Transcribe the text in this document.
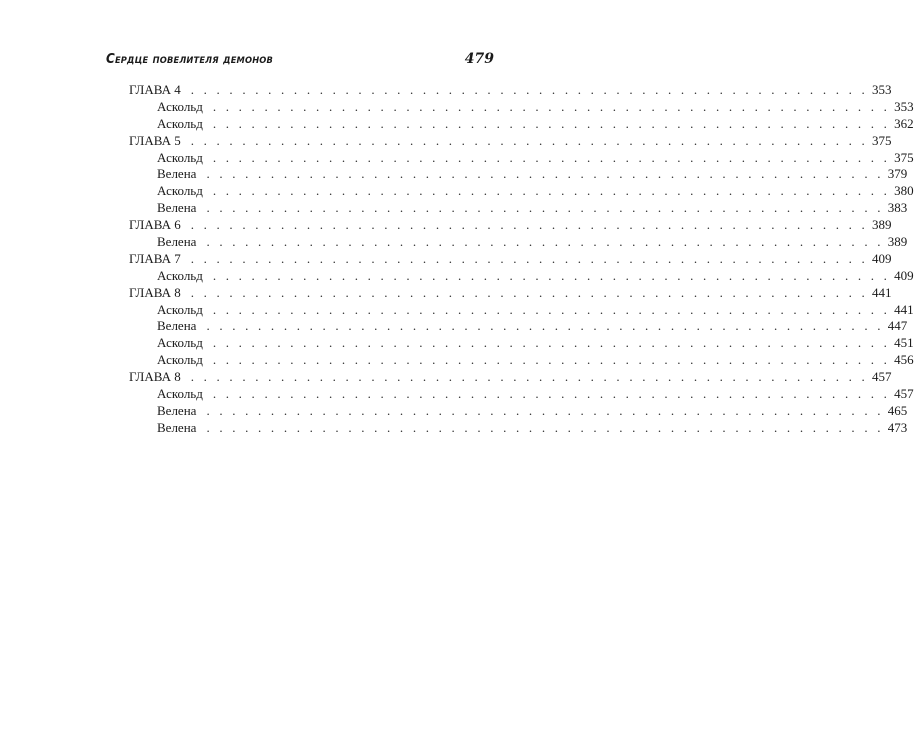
Сердце повелителя демонов	479
ГЛАВА 4 . . . . . . . . . . . . . . . . . . . . . . . . . . . . . . . . . . . . . . . . . . . . . . . . . . . . . 353
Аскольд . . . . . . . . . . . . . . . . . . . . . . . . . . . . . . . . . . . . . . . . . . . . . . . . . . . . . 353
Аскольд . . . . . . . . . . . . . . . . . . . . . . . . . . . . . . . . . . . . . . . . . . . . . . . . . . . . . 362
ГЛАВА 5 . . . . . . . . . . . . . . . . . . . . . . . . . . . . . . . . . . . . . . . . . . . . . . . . . . . . . 375
Аскольд . . . . . . . . . . . . . . . . . . . . . . . . . . . . . . . . . . . . . . . . . . . . . . . . . . . . . 375
Велена . . . . . . . . . . . . . . . . . . . . . . . . . . . . . . . . . . . . . . . . . . . . . . . . . . . . . 379
Аскольд . . . . . . . . . . . . . . . . . . . . . . . . . . . . . . . . . . . . . . . . . . . . . . . . . . . . . 380
Велена . . . . . . . . . . . . . . . . . . . . . . . . . . . . . . . . . . . . . . . . . . . . . . . . . . . . . 383
ГЛАВА 6 . . . . . . . . . . . . . . . . . . . . . . . . . . . . . . . . . . . . . . . . . . . . . . . . . . . . . 389
Велена . . . . . . . . . . . . . . . . . . . . . . . . . . . . . . . . . . . . . . . . . . . . . . . . . . . . . 389
ГЛАВА 7 . . . . . . . . . . . . . . . . . . . . . . . . . . . . . . . . . . . . . . . . . . . . . . . . . . . . . 409
Аскольд . . . . . . . . . . . . . . . . . . . . . . . . . . . . . . . . . . . . . . . . . . . . . . . . . . . . . 409
ГЛАВА 8 . . . . . . . . . . . . . . . . . . . . . . . . . . . . . . . . . . . . . . . . . . . . . . . . . . . . . 441
Аскольд . . . . . . . . . . . . . . . . . . . . . . . . . . . . . . . . . . . . . . . . . . . . . . . . . . . . . 441
Велена . . . . . . . . . . . . . . . . . . . . . . . . . . . . . . . . . . . . . . . . . . . . . . . . . . . . . 447
Аскольд . . . . . . . . . . . . . . . . . . . . . . . . . . . . . . . . . . . . . . . . . . . . . . . . . . . . . 451
Аскольд . . . . . . . . . . . . . . . . . . . . . . . . . . . . . . . . . . . . . . . . . . . . . . . . . . . . . 456
ГЛАВА 8 . . . . . . . . . . . . . . . . . . . . . . . . . . . . . . . . . . . . . . . . . . . . . . . . . . . . . 457
Аскольд . . . . . . . . . . . . . . . . . . . . . . . . . . . . . . . . . . . . . . . . . . . . . . . . . . . . . 457
Велена . . . . . . . . . . . . . . . . . . . . . . . . . . . . . . . . . . . . . . . . . . . . . . . . . . . . . 465
Велена . . . . . . . . . . . . . . . . . . . . . . . . . . . . . . . . . . . . . . . . . . . . . . . . . . . . . 473
